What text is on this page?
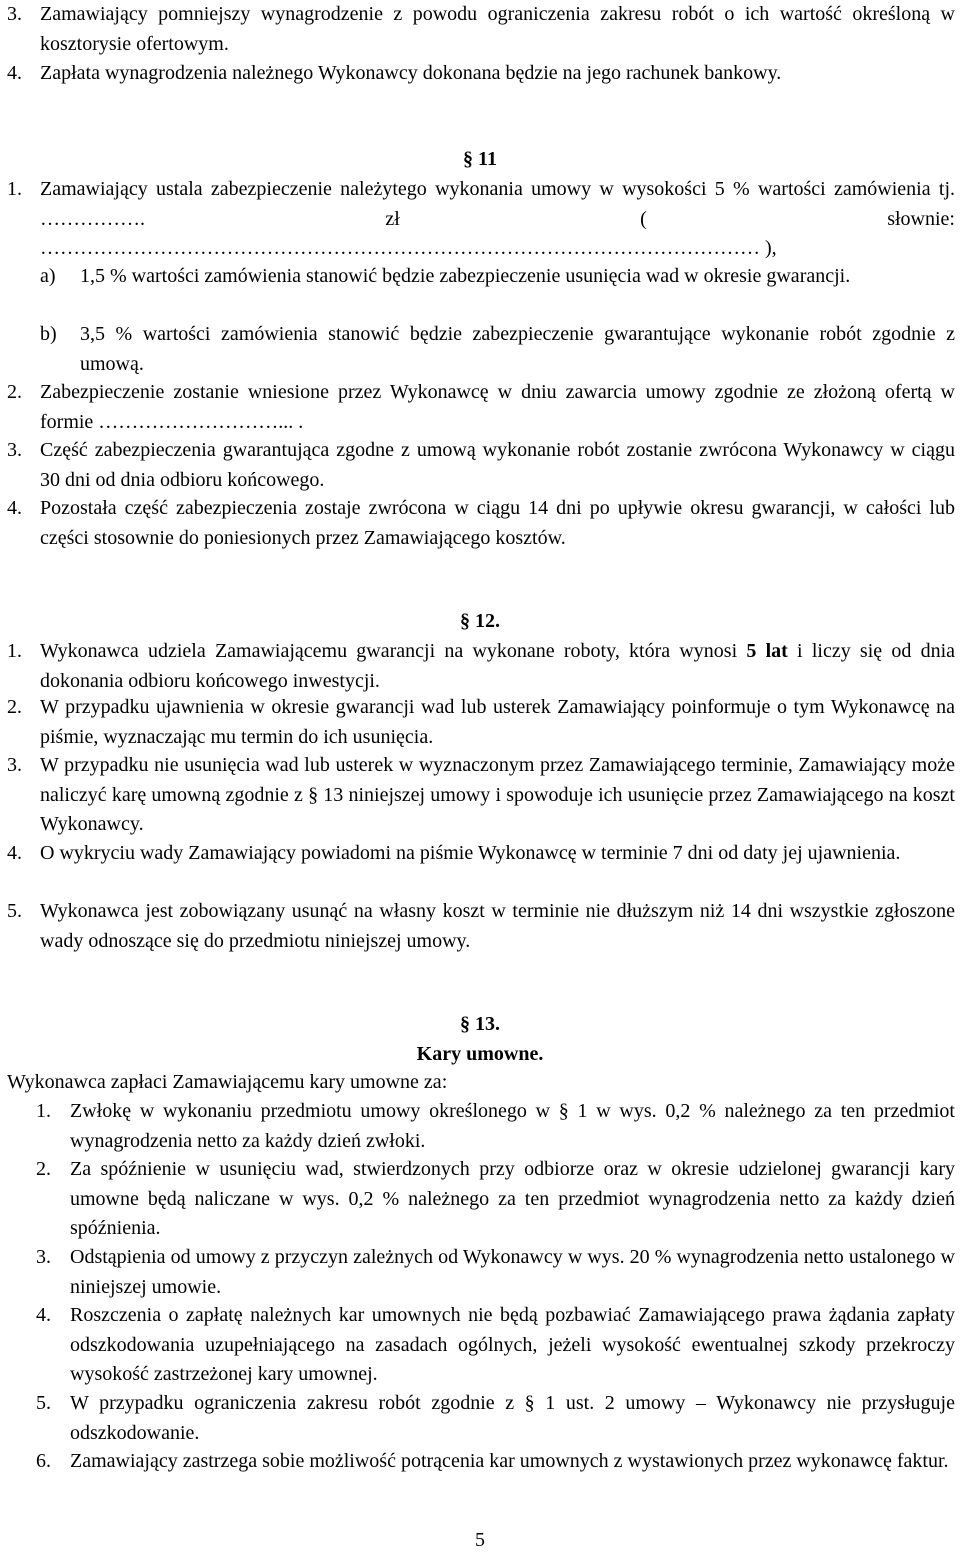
3. Zamawiający pomniejszy wynagrodzenie z powodu ograniczenia zakresu robót o ich wartość określoną w kosztorysie ofertowym.
4. Zapłata wynagrodzenia należnego Wykonawcy dokonana będzie na jego rachunek bankowy.
§ 11
1. Zamawiający ustala zabezpieczenie należytego wykonania umowy w wysokości 5 % wartości zamówienia tj. ……………. zł ( słownie: ……………………………………………………………………………………………… ),
a) 1,5 % wartości zamówienia stanowić będzie zabezpieczenie usunięcia wad w okresie gwarancji.
b) 3,5 % wartości zamówienia stanowić będzie zabezpieczenie gwarantujące wykonanie robót zgodnie z umową.
2. Zabezpieczenie zostanie wniesione przez Wykonawcę w dniu zawarcia umowy zgodnie ze złożoną ofertą w formie ………………………... .
3. Część zabezpieczenia gwarantująca zgodne z umową wykonanie robót zostanie zwrócona Wykonawcy w ciągu 30 dni od dnia odbioru końcowego.
4. Pozostała część zabezpieczenia zostaje zwrócona w ciągu 14 dni po upływie okresu gwarancji, w całości lub części stosownie do poniesionych przez Zamawiającego kosztów.
§ 12.
1. Wykonawca udziela Zamawiającemu gwarancji na wykonane roboty, która wynosi 5 lat i liczy się od dnia dokonania odbioru końcowego inwestycji.
2. W przypadku ujawnienia w okresie gwarancji wad lub usterek Zamawiający poinformuje o tym Wykonawcę na piśmie, wyznaczając mu termin do ich usunięcia.
3. W przypadku nie usunięcia wad lub usterek w wyznaczonym przez Zamawiającego terminie, Zamawiający może naliczyć karę umowną zgodnie z § 13 niniejszej umowy i spowoduje ich usunięcie przez Zamawiającego na koszt Wykonawcy.
4. O wykryciu wady Zamawiający powiadomi na piśmie Wykonawcę w terminie 7 dni od daty jej ujawnienia.
5. Wykonawca jest zobowiązany usunąć na własny koszt w terminie nie dłuższym niż 14 dni wszystkie zgłoszone wady odnoszące się do przedmiotu niniejszej umowy.
§ 13.
Kary umowne.
Wykonawca zapłaci Zamawiającemu kary umowne za:
1. Zwłokę w wykonaniu przedmiotu umowy określonego w § 1 w wys. 0,2 % należnego za ten przedmiot wynagrodzenia netto za każdy dzień zwłoki.
2. Za spóźnienie w usunięciu wad, stwierdzonych przy odbiorze oraz w okresie udzielonej gwarancji kary umowne będą naliczane w wys. 0,2 % należnego za ten przedmiot wynagrodzenia netto za każdy dzień spóźnienia.
3. Odstąpienia od umowy z przyczyn zależnych od Wykonawcy w wys. 20 % wynagrodzenia netto ustalonego w niniejszej umowie.
4. Roszczenia o zapłatę należnych kar umownych nie będą pozbawiać Zamawiającego prawa żądania zapłaty odszkodowania uzupełniającego na zasadach ogólnych, jeżeli wysokość ewentualnej szkody przekroczy wysokość zastrzeżonej kary umownej.
5. W przypadku ograniczenia zakresu robót zgodnie z § 1 ust. 2 umowy – Wykonawcy nie przysługuje odszkodowanie.
6. Zamawiający zastrzega sobie możliwość potrącenia kar umownych z wystawionych przez wykonawcę faktur.
5
